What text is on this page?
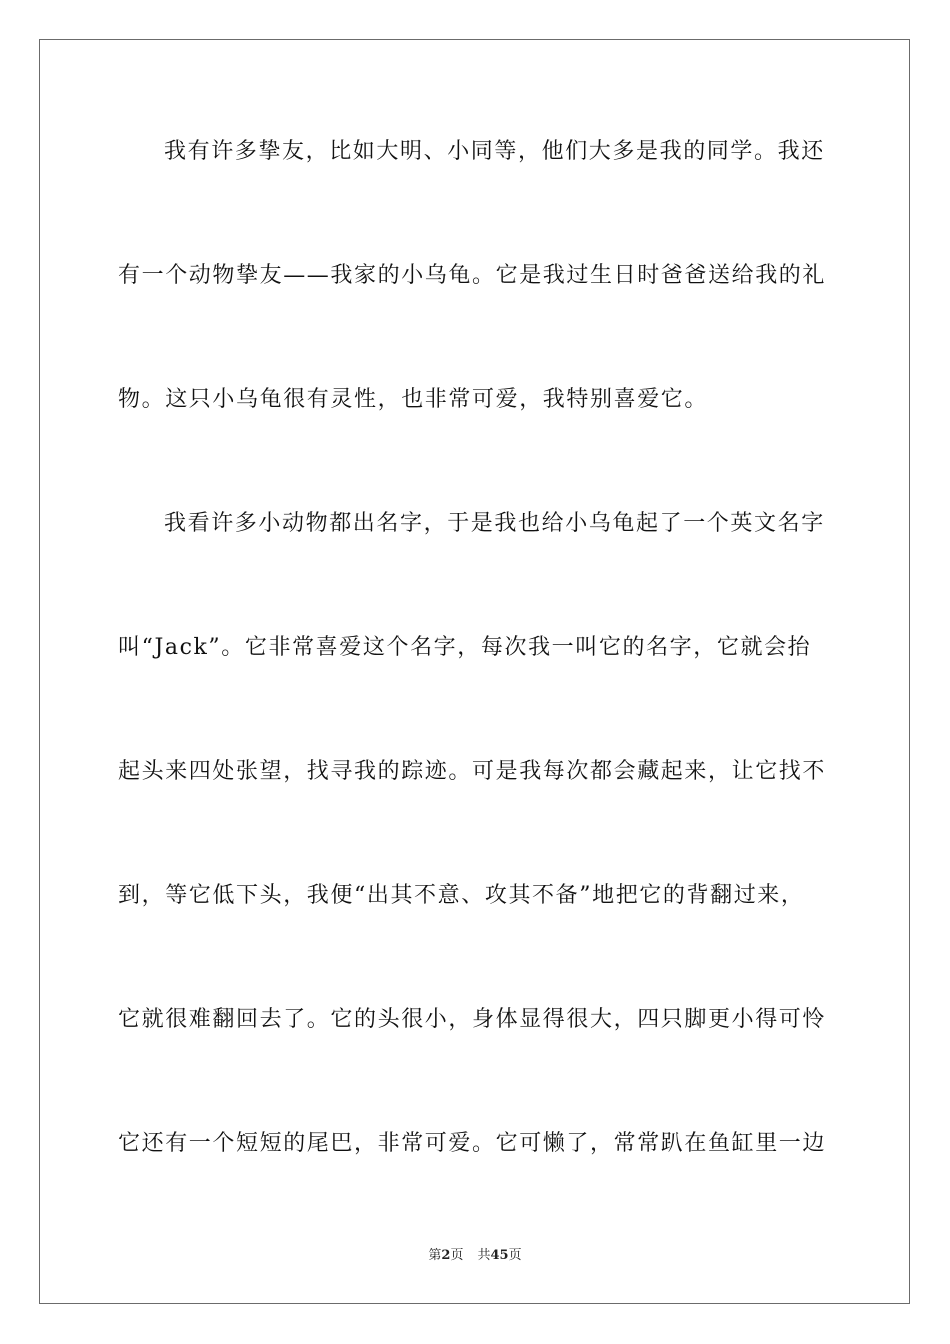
我有许多挚友，比如大明、小同等，他们大多是我的同学。我还
有一个动物挚友——我家的小乌龟。它是我过生日时爸爸送给我的礼
物。这只小乌龟很有灵性，也非常可爱，我特别喜爱它。
我看许多小动物都出名字，于是我也给小乌龟起了一个英文名字
叫“Jack”。它非常喜爱这个名字，每次我一叫它的名字，它就会抬
起头来四处张望，找寻我的踪迹。可是我每次都会藏起来，让它找不
到，等它低下头，我便“出其不意、攻其不备”地把它的背翻过来，
它就很难翻回去了。它的头很小，身体显得很大，四只脚更小得可怜
它还有一个短短的尾巴，非常可爱。它可懒了，常常趴在鱼缸里一边
第2页 共45页
